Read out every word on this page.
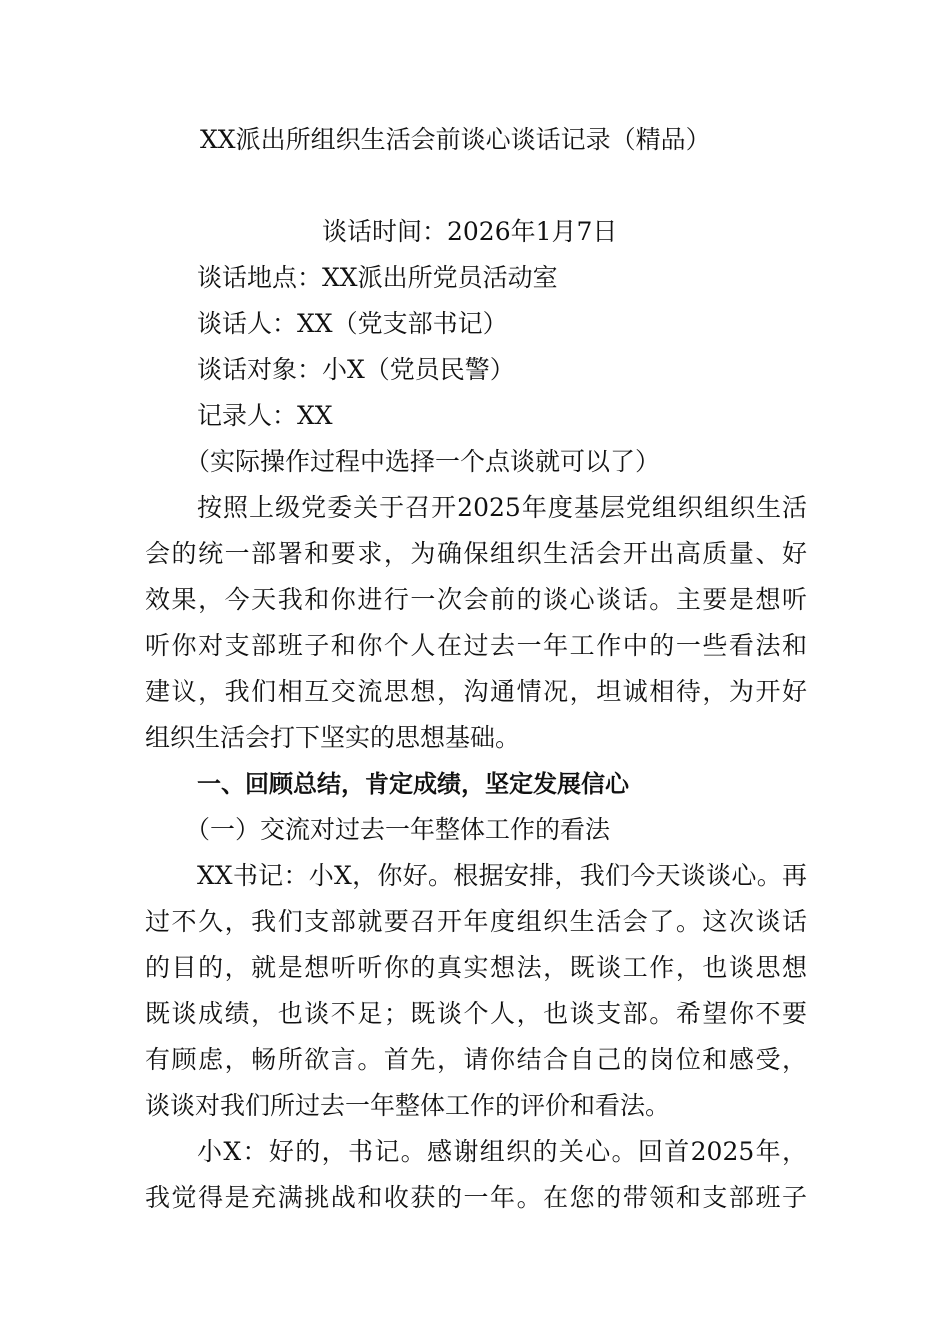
XX派出所组织生活会前谈心谈话记录（精品）
谈话时间：2026年1月7日
谈话地点：XX派出所党员活动室
谈话人：XX（党支部书记）
谈话对象：小X（党员民警）
记录人：XX
（实际操作过程中选择一个点谈就可以了）
按照上级党委关于召开2025年度基层党组织组织生活
会的统一部署和要求，为确保组织生活会开出高质量、好
效果，今天我和你进行一次会前的谈心谈话。主要是想听
听你对支部班子和你个人在过去一年工作中的一些看法和
建议，我们相互交流思想，沟通情况，坦诚相待，为开好
组织生活会打下坚实的思想基础。
一、回顾总结，肯定成绩，坚定发展信心
（一）交流对过去一年整体工作的看法
XX书记：小X，你好。根据安排，我们今天谈谈心。再
过不久，我们支部就要召开年度组织生活会了。这次谈话
的目的，就是想听听你的真实想法，既谈工作，也谈思想
既谈成绩，也谈不足；既谈个人，也谈支部。希望你不要
有顾虑，畅所欲言。首先，请你结合自己的岗位和感受，
谈谈对我们所过去一年整体工作的评价和看法。
小X：好的，书记。感谢组织的关心。回首2025年，
我觉得是充满挑战和收获的一年。在您的带领和支部班子
